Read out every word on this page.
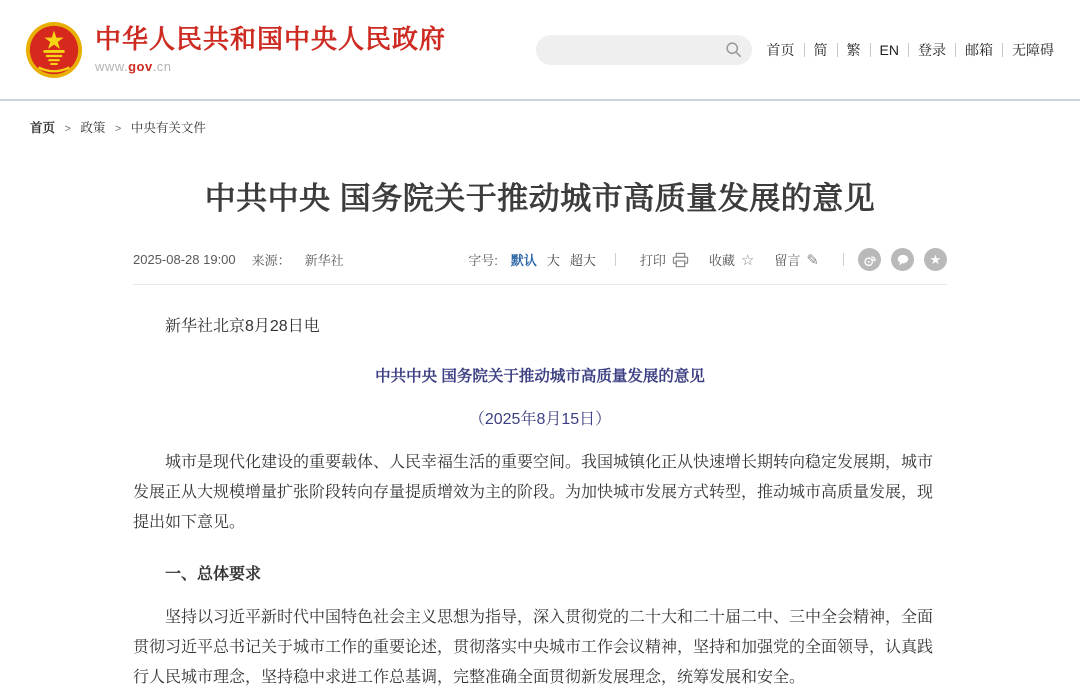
中华人民共和国中央人民政府
www.gov.cn
首页 简 繁 EN 登录 邮箱 无障碍
首页 > 政策 > 中央有关文件
中共中央 国务院关于推动城市高质量发展的意见
2025-08-28 19:00 来源： 新华社	字号: 默认 大 超大	打印	收藏 ☆ 留言 ✎	★

新华社北京8月28日电

中共中央 国务院关于推动城市高质量发展的意见

（2025年8月15日）

城市是现代化建设的重要载体、人民幸福生活的重要空间。我国城镇化正从快速增长期转向稳定发展期，城市发展正从大规模增量扩张阶段转向存量提质增效为主的阶段。为加快城市发展方式转型，推动城市高质量发展，现提出如下意见。

一、总体要求

坚持以习近平新时代中国特色社会主义思想为指导，深入贯彻党的二十大和二十届二中、三中全会精神，全面贯彻习近平总书记关于城市工作的重要论述，贯彻落实中央城市工作会议精神，坚持和加强党的全面领导，认真践行人民城市理念，坚持稳中求进工作总基调，完整准确全面贯彻新发展理念，统筹发展和安全。
